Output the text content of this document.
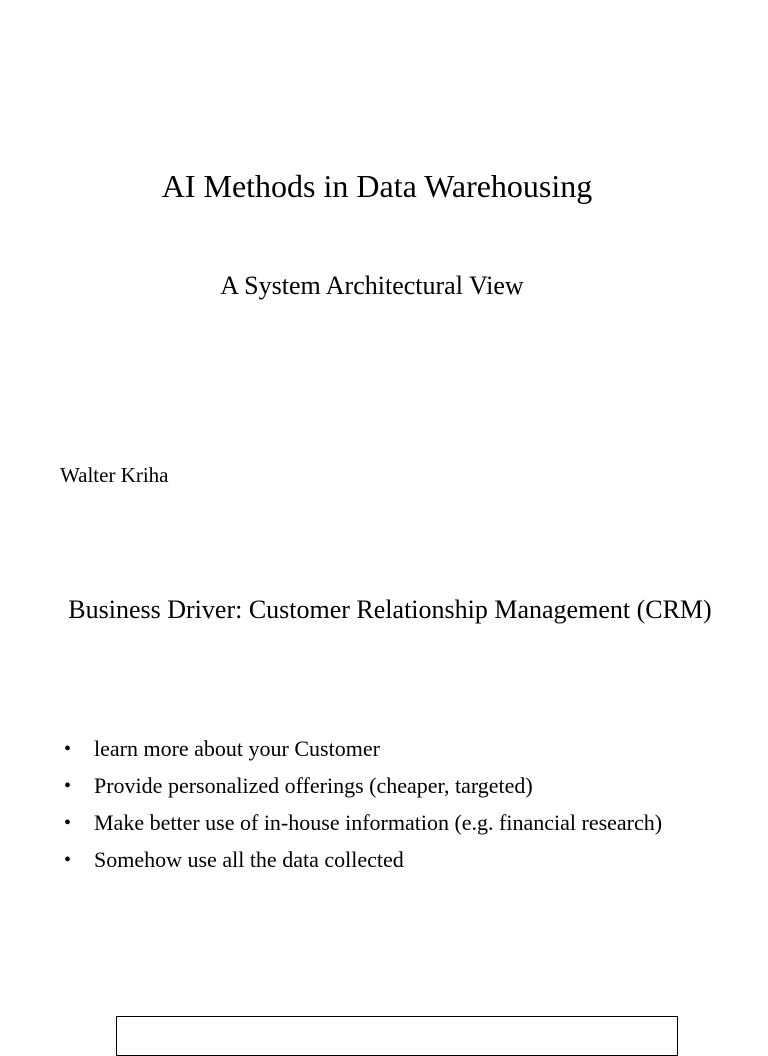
AI Methods in Data Warehousing
A System Architectural View

Walter Kriha

Business Driver: Customer Relationship Management (CRM)
• learn more about your Customer
• Provide personalized offerings (cheaper, targeted)
• Make better use of in-house information (e.g. financial research)
• Somehow use all the data collected
